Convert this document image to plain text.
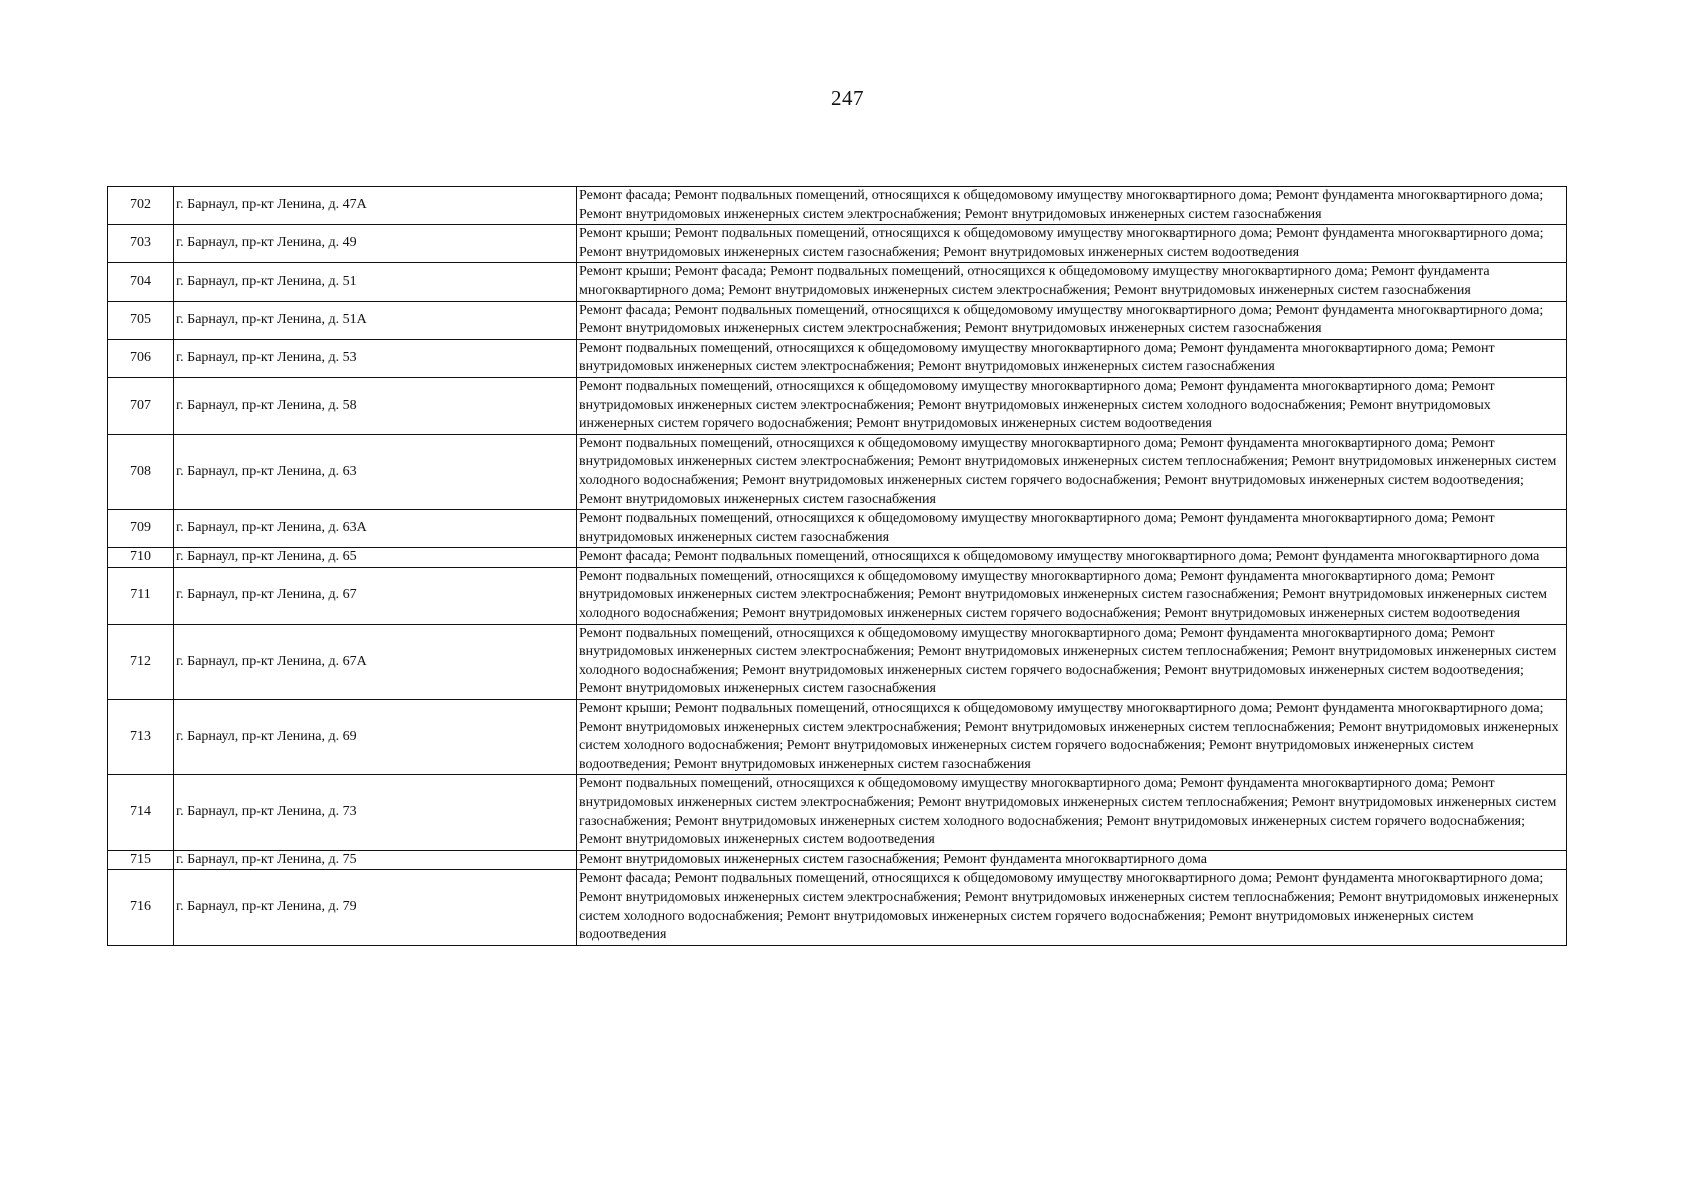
247
702	г. Барнаул, пр-кт Ленина, д. 47А	Ремонт фасада; Ремонт подвальных помещений, относящихся к общедомовому имуществу многоквартирного дома; Ремонт фундамента многоквартирного дома; Ремонт внутридомовых инженерных систем электроснабжения; Ремонт внутридомовых инженерных систем газоснабжения
703	г. Барнаул, пр-кт Ленина, д. 49	Ремонт крыши; Ремонт подвальных помещений, относящихся к общедомовому имуществу многоквартирного дома; Ремонт фундамента многоквартирного дома; Ремонт внутридомовых инженерных систем газоснабжения; Ремонт внутридомовых инженерных систем водоотведения
704	г. Барнаул, пр-кт Ленина, д. 51	Ремонт крыши; Ремонт фасада; Ремонт подвальных помещений, относящихся к общедомовому имуществу многоквартирного дома; Ремонт фундамента многоквартирного дома; Ремонт внутридомовых инженерных систем электроснабжения; Ремонт внутридомовых инженерных систем газоснабжения
705	г. Барнаул, пр-кт Ленина, д. 51А	Ремонт фасада; Ремонт подвальных помещений, относящихся к общедомовому имуществу многоквартирного дома; Ремонт фундамента многоквартирного дома; Ремонт внутридомовых инженерных систем электроснабжения; Ремонт внутридомовых инженерных систем газоснабжения
706	г. Барнаул, пр-кт Ленина, д. 53	Ремонт подвальных помещений, относящихся к общедомовому имуществу многоквартирного дома; Ремонт фундамента многоквартирного дома; Ремонт внутридомовых инженерных систем электроснабжения; Ремонт внутридомовых инженерных систем газоснабжения
707	г. Барнаул, пр-кт Ленина, д. 58	Ремонт подвальных помещений, относящихся к общедомовому имуществу многоквартирного дома; Ремонт фундамента многоквартирного дома; Ремонт внутридомовых инженерных систем электроснабжения; Ремонт внутридомовых инженерных систем холодного водоснабжения; Ремонт внутридомовых инженерных систем горячего водоснабжения; Ремонт внутридомовых инженерных систем водоотведения
708	г. Барнаул, пр-кт Ленина, д. 63	Ремонт подвальных помещений, относящихся к общедомовому имуществу многоквартирного дома; Ремонт фундамента многоквартирного дома; Ремонт внутридомовых инженерных систем электроснабжения; Ремонт внутридомовых инженерных систем теплоснабжения; Ремонт внутридомовых инженерных систем холодного водоснабжения; Ремонт внутридомовых инженерных систем горячего водоснабжения; Ремонт внутридомовых инженерных систем водоотведения; Ремонт внутридомовых инженерных систем газоснабжения
709	г. Барнаул, пр-кт Ленина, д. 63А	Ремонт подвальных помещений, относящихся к общедомовому имуществу многоквартирного дома; Ремонт фундамента многоквартирного дома; Ремонт внутридомовых инженерных систем газоснабжения
710	г. Барнаул, пр-кт Ленина, д. 65	Ремонт фасада; Ремонт подвальных помещений, относящихся к общедомовому имуществу многоквартирного дома; Ремонт фундамента многоквартирного дома
711	г. Барнаул, пр-кт Ленина, д. 67	Ремонт подвальных помещений, относящихся к общедомовому имуществу многоквартирного дома; Ремонт фундамента многоквартирного дома; Ремонт внутридомовых инженерных систем электроснабжения; Ремонт внутридомовых инженерных систем газоснабжения; Ремонт внутридомовых инженерных систем холодного водоснабжения; Ремонт внутридомовых инженерных систем горячего водоснабжения; Ремонт внутридомовых инженерных систем водоотведения
712	г. Барнаул, пр-кт Ленина, д. 67А	Ремонт подвальных помещений, относящихся к общедомовому имуществу многоквартирного дома; Ремонт фундамента многоквартирного дома; Ремонт внутридомовых инженерных систем электроснабжения; Ремонт внутридомовых инженерных систем теплоснабжения; Ремонт внутридомовых инженерных систем холодного водоснабжения; Ремонт внутридомовых инженерных систем горячего водоснабжения; Ремонт внутридомовых инженерных систем водоотведения; Ремонт внутридомовых инженерных систем газоснабжения
713	г. Барнаул, пр-кт Ленина, д. 69	Ремонт крыши; Ремонт подвальных помещений, относящихся к общедомовому имуществу многоквартирного дома; Ремонт фундамента многоквартирного дома; Ремонт внутридомовых инженерных систем электроснабжения; Ремонт внутридомовых инженерных систем теплоснабжения; Ремонт внутридомовых инженерных систем холодного водоснабжения; Ремонт внутридомовых инженерных систем горячего водоснабжения; Ремонт внутридомовых инженерных систем водоотведения; Ремонт внутридомовых инженерных систем газоснабжения
714	г. Барнаул, пр-кт Ленина, д. 73	Ремонт подвальных помещений, относящихся к общедомовому имуществу многоквартирного дома; Ремонт фундамента многоквартирного дома; Ремонт внутридомовых инженерных систем электроснабжения; Ремонт внутридомовых инженерных систем теплоснабжения; Ремонт внутридомовых инженерных систем газоснабжения; Ремонт внутридомовых инженерных систем холодного водоснабжения; Ремонт внутридомовых инженерных систем горячего водоснабжения; Ремонт внутридомовых инженерных систем водоотведения
715	г. Барнаул, пр-кт Ленина, д. 75	Ремонт внутридомовых инженерных систем газоснабжения; Ремонт фундамента многоквартирного дома
716	г. Барнаул, пр-кт Ленина, д. 79	Ремонт фасада; Ремонт подвальных помещений, относящихся к общедомовому имуществу многоквартирного дома; Ремонт фундамента многоквартирного дома; Ремонт внутридомовых инженерных систем электроснабжения; Ремонт внутридомовых инженерных систем теплоснабжения; Ремонт внутридомовых инженерных систем холодного водоснабжения; Ремонт внутридомовых инженерных систем горячего водоснабжения; Ремонт внутридомовых инженерных систем водоотведения
